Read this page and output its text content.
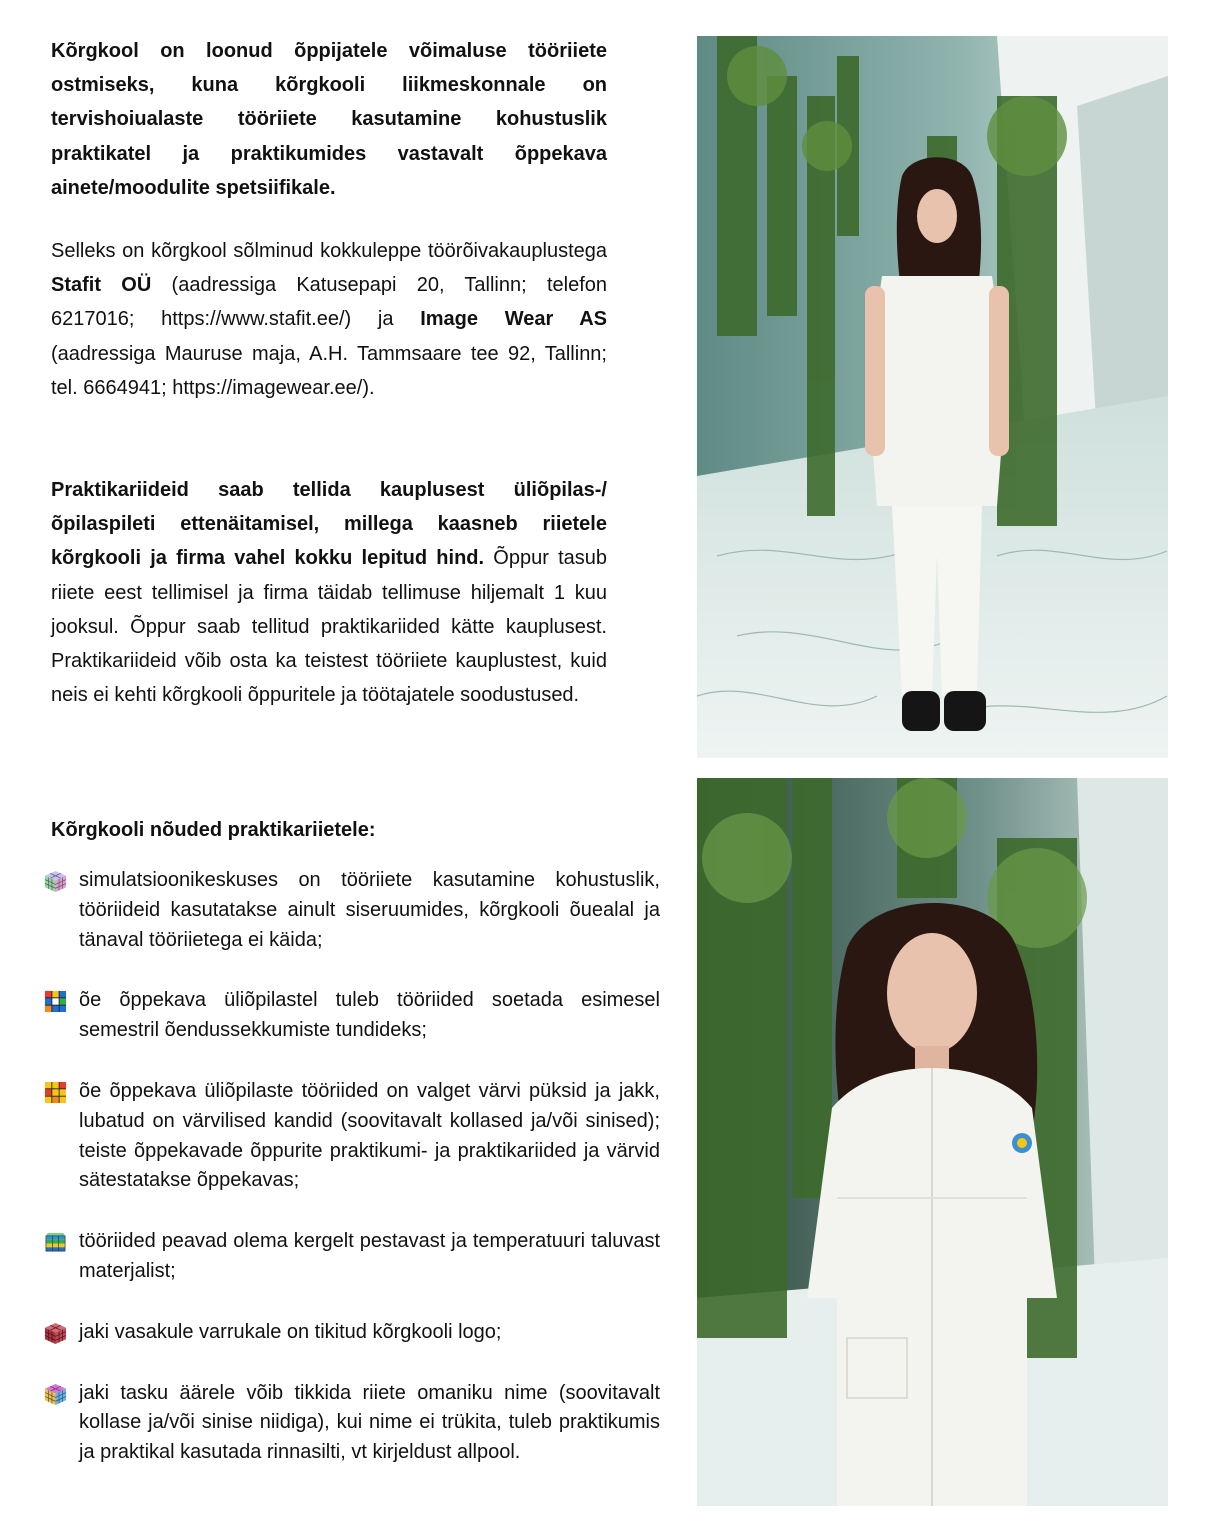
Kõrgkool on loonud õppijatele võimaluse tööriiete ostmiseks, kuna kõrgkooli liikmeskonnale on tervishoiualaste tööriiete kasutamine kohustuslik praktikatel ja praktikumides vastavalt õppekava ainete/moodulite spetsiifikale.

Selleks on kõrgkool sõlminud kokkuleppe töörõivakauplustega Stafit OÜ (aadressiga Katusepapi 20, Tallinn; telefon 6217016; https://www.stafit.ee/) ja Image Wear AS (aadressiga Mauruse maja, A.H. Tammsaare tee 92, Tallinn; tel. 6664941; https://imagewear.ee/).

Praktikariideid saab tellida kauplusest üliõpilas-/ õpilaspileti ettenäitamisel, millega kaasneb riietele kõrgkooli ja firma vahel kokku lepitud hind. Õppur tasub riiete eest tellimisel ja firma täidab tellimuse hiljemalt 1 kuu jooksul. Õppur saab tellitud praktikariided kätte kauplusest. Praktikariideid võib osta ka teistest tööriiete kauplustest, kuid neis ei kehti kõrgkooli õppuritele ja töötajatele soodustused.

Kõrgkooli nõuded praktikariietele:
simulatsioonikeskuses on tööriiete kasutamine kohustuslik, tööriideid kasutatakse ainult siseruumides, kõrgkooli õuealal ja tänaval tööriietega ei käida;
õe õppekava üliõpilastel tuleb tööriided soetada esimesel semestril õendussekkumiste tundideks;
õe õppekava üliõpilaste tööriided on valget värvi püksid ja jakk, lubatud on värvilised kandid (soovitavalt kollased ja/või sinised); teiste õppekavade õppurite praktikumi- ja praktikariided ja värvid sätestatakse õppekavas;
tööriided peavad olema kergelt pestavast ja temperatuuri taluvast materjalist;
jaki vasakule varrukale on tikitud kõrgkooli logo;
jaki tasku äärele võib tikkida riiete omaniku nime (soovitavalt kollase ja/või sinise niidiga), kui nime ei trükita, tuleb praktikumis ja praktikal kasutada rinnasilti, vt kirjeldust allpool.
